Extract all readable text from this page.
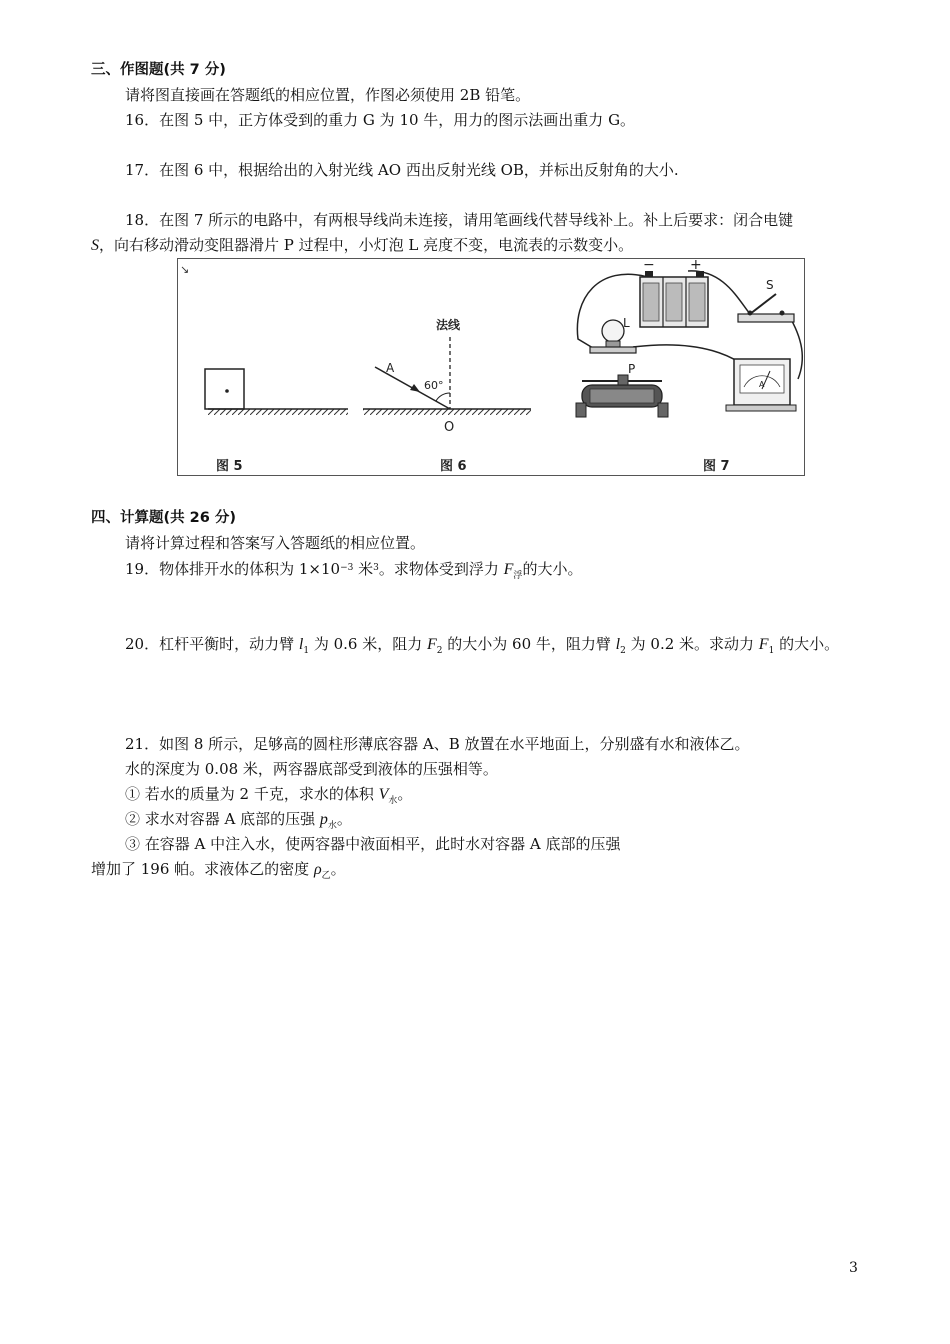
三、作图题(共 7 分)
请将图直接画在答题纸的相应位置，作图必须使用 2B 铅笔。
16．在图 5 中，正方体受到的重力 G 为 10 牛，用力的图示法画出重力 G。
17．在图 6 中，根据给出的入射光线 AO 西出反射光线 OB，并标出反射角的大小.
18．在图 7 所示的电路中，有两根导线尚未连接，请用笔画线代替导线补上。补上后要求：闭合电键
S，向右移动滑动变阻器滑片 P 过程中，小灯泡 L 亮度不变，电流表的示数变小。
↘
图 5
法线
A
60°
O
图 6
−	+
S
L
P
A
图 7
四、计算题(共 26 分)
请将计算过程和答案写入答题纸的相应位置。
19．物体排开水的体积为 $1\times 10^{-3}$ 米$^3$。求物体受到浮力 $F_浮$的大小。
20．杠杆平衡时，动力臂 $l_1$ 为 0.6 米，阻力 $F_2$ 的大小为 60 牛，阻力臂 $l_2$ 为 0.2 米。求动力 $F_1$ 的大小。
21．如图 8 所示，足够高的圆柱形薄底容器 A、B 放置在水平地面上，分别盛有水和液体乙。
水的深度为 0.08 米，两容器底部受到液体的压强相等。
① 若水的质量为 2 千克，求水的体积 $V_水$。
② 求水对容器 A 底部的压强 $p_水$。
③ 在容器 A 中注入水，使两容器中液面相平，此时水对容器 A 底部的压强
增加了 196 帕。求液体乙的密度 $\rho_乙$。
3
